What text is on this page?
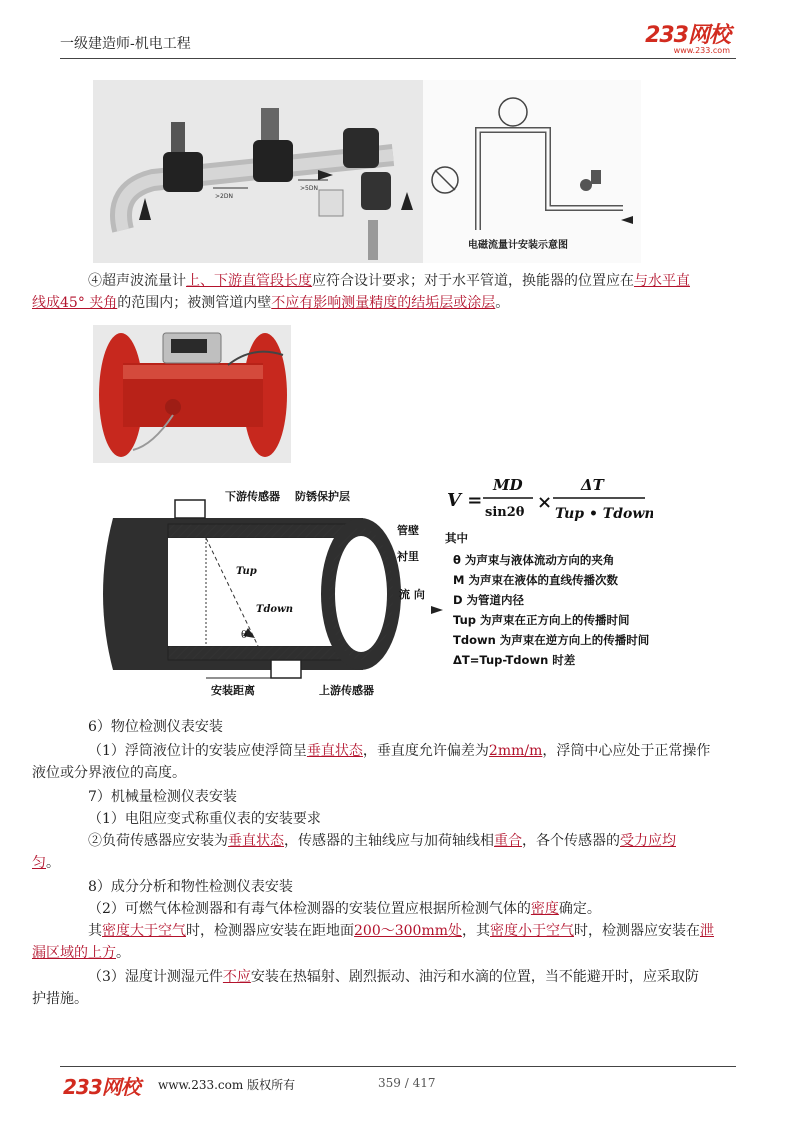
一级建造师-机电工程	233网校
www.233.com
>2DN
>5DN
电磁流量计安装示意图
④超声波流量计上、下游直管段长度应符合设计要求；对于水平管道，换能器的位置应在与水平直
线成45° 夹角的范围内；被测管道内壁不应有影响测量精度的结垢层或涂层。
下游传感器 防锈保护层
管壁
衬里
流 向
Tup
Tdown
θ
安装距离	上游传感器
V =
MD
sin2θ ×
ΔT
Tup • Tdown
其中
θ 为声束与液体流动方向的夹角
M 为声束在液体的直线传播次数
D 为管道内径
Tup 为声束在正方向上的传播时间
Tdown 为声束在逆方向上的传播时间
ΔT=Tup-Tdown 时差
6）物位检测仪表安装
（1）浮筒液位计的安装应使浮筒呈垂直状态，垂直度允许偏差为2mm/m，浮筒中心应处于正常操作
液位或分界液位的高度。
7）机械量检测仪表安装
（1）电阻应变式称重仪表的安装要求
②负荷传感器应安装为垂直状态，传感器的主轴线应与加荷轴线相重合，各个传感器的受力应均
匀。
8）成分分析和物性检测仪表安装
（2）可燃气体检测器和有毒气体检测器的安装位置应根据所检测气体的密度确定。
其密度大于空气时，检测器应安装在距地面200～300mm处，其密度小于空气时，检测器应安装在泄
漏区域的上方。
（3）湿度计测湿元件不应安装在热辐射、剧烈振动、油污和水滴的位置，当不能避开时，应采取防
护措施。
233网校 www.233.com 版权所有	359 / 417
